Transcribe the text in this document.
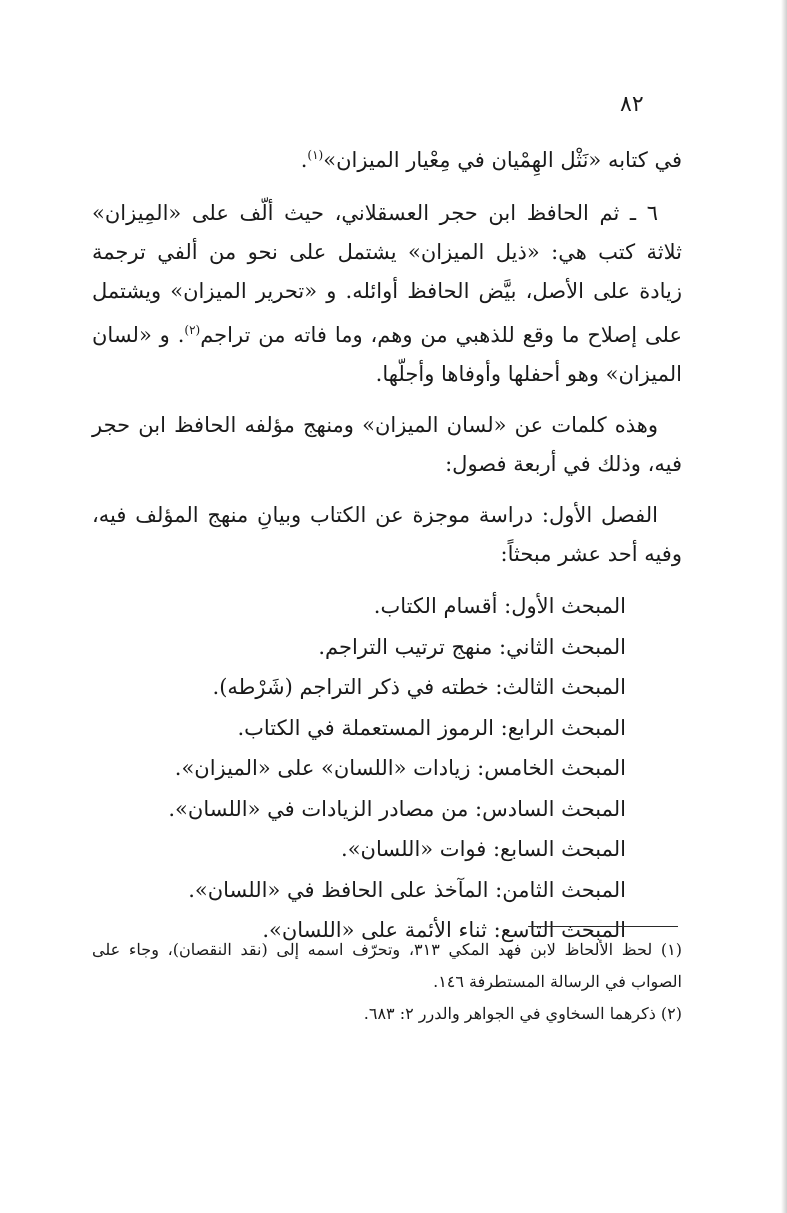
٨٢

في كتابه «نَثْل الهِمْيان في مِعْيار الميزان»$^{(١)}$.

٦ ـ ثم الحافظ ابن حجر العسقلاني، حيث ألّف على «المِيزان» ثلاثة كتب هي: «ذيل الميزان» يشتمل على نحو من ألفي ترجمة زيادة على الأصل، بيَّض الحافظ أوائله. و «تحرير الميزان» ويشتمل على إصلاح ما وقع للذهبي من وهم، وما فاته من تراجم$^{(٢)}$. و «لسان الميزان» وهو أحفلها وأوفاها وأجلّها.

وهذه كلمات عن «لسان الميزان» ومنهج مؤلفه الحافظ ابن حجر فيه، وذلك في أربعة فصول:

الفصل الأول: دراسة موجزة عن الكتاب وبيانِ منهج المؤلف فيه، وفيه أحد عشر مبحثاً:

المبحث الأول: أقسام الكتاب.
المبحث الثاني: منهج ترتيب التراجم.
المبحث الثالث: خطته في ذكر التراجم (شَرْطه).
المبحث الرابع: الرموز المستعملة في الكتاب.
المبحث الخامس: زيادات «اللسان» على «الميزان».
المبحث السادس: من مصادر الزيادات في «اللسان».
المبحث السابع: فوات «اللسان».
المبحث الثامن: المآخذ على الحافظ في «اللسان».
المبحث التاسع: ثناء الأئمة على «اللسان».

(١) لحظ الألحاظ لابن فهد المكي ٣١٣، وتحرّف اسمه إلى (نقد النقصان)، وجاء على الصواب في الرسالة المستطرفة ١٤٦.

(٢) ذكرهما السخاوي في الجواهر والدرر ٢: ٦٨٣.
